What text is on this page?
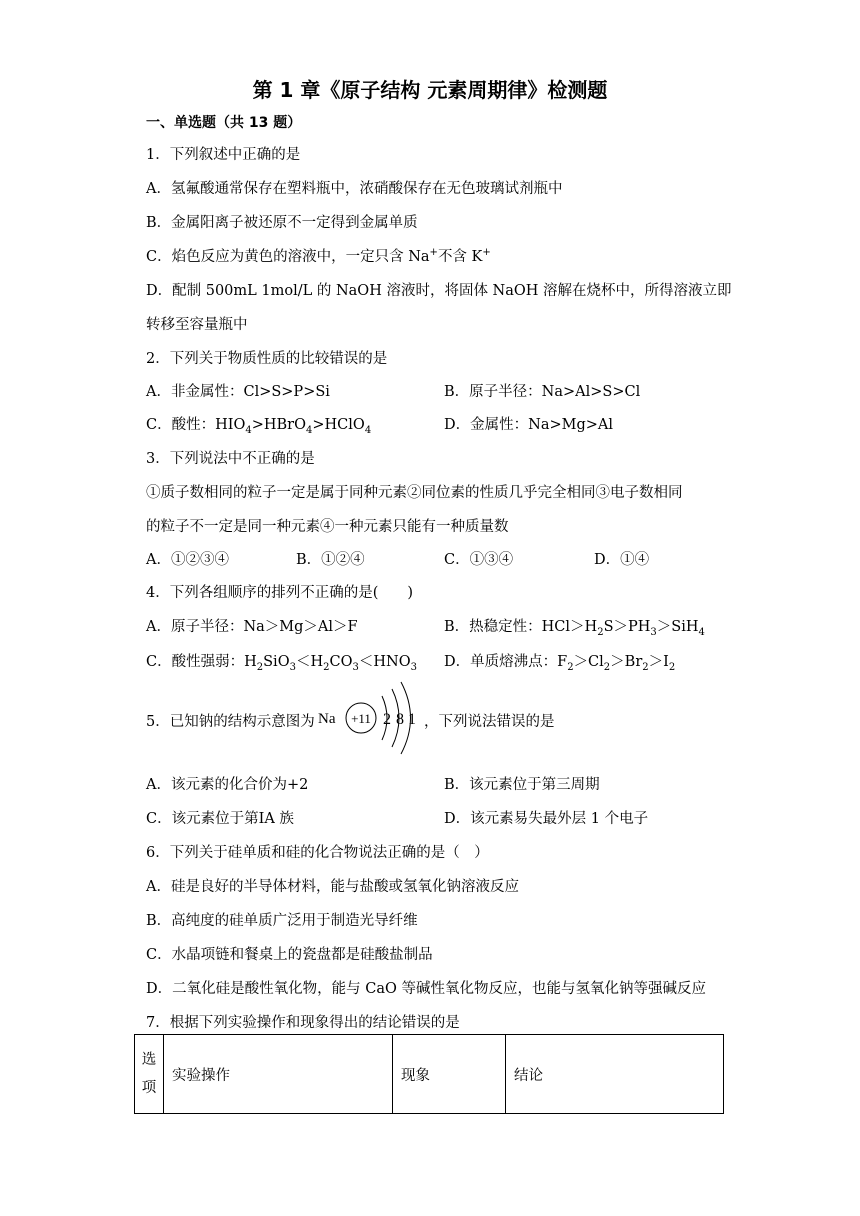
第 1 章《原子结构 元素周期律》检测题
一、单选题（共 13 题）
1．下列叙述中正确的是
A．氢氟酸通常保存在塑料瓶中，浓硝酸保存在无色玻璃试剂瓶中
B．金属阳离子被还原不一定得到金属单质
C．焰色反应为黄色的溶液中，一定只含 Na+不含 K+
D．配制 500mL 1mol/L 的 NaOH 溶液时，将固体 NaOH 溶解在烧杯中，所得溶液立即
转移至容量瓶中
2．下列关于物质性质的比较错误的是
A．非金属性：Cl>S>P>Si	B．原子半径：Na>Al>S>Cl
C．酸性：$HIO_4>HBrO_4>HClO_4$	D．金属性：Na>Mg>Al
3．下列说法中不正确的是
①质子数相同的粒子一定是属于同种元素②同位素的性质几乎完全相同③电子数相同
的粒子不一定是同一种元素④一种元素只能有一种质量数
A．①②③④	B．①②④	C．①③④	D．①④
4．下列各组顺序的排列不正确的是(　　)
A．原子半径：Na＞Mg＞Al＞F	B．热稳定性：$HCl>H_2S>PH_3>SiH_4$
C．酸性强弱：$H_2SiO_3<H_2CO_3<HNO_3$ D．单质熔沸点：$F_2>Cl_2>Br_2>I_2$
5．已知钠的结构示意图为 Na +11 2 8 1 ，下列说法错误的是
A．该元素的化合价为+2	B．该元素位于第三周期
C．该元素位于第IA 族	D．该元素易失最外层 1 个电子
6．下列关于硅单质和硅的化合物说法正确的是（　）
A．硅是良好的半导体材料，能与盐酸或氢氧化钠溶液反应
B．高纯度的硅单质广泛用于制造光导纤维
C．水晶项链和餐桌上的瓷盘都是硅酸盐制品
D．二氧化硅是酸性氧化物，能与 CaO 等碱性氧化物反应，也能与氢氧化钠等强碱反应
7．根据下列实验操作和现象得出的结论错误的是
选项	实验操作	现象	结论
